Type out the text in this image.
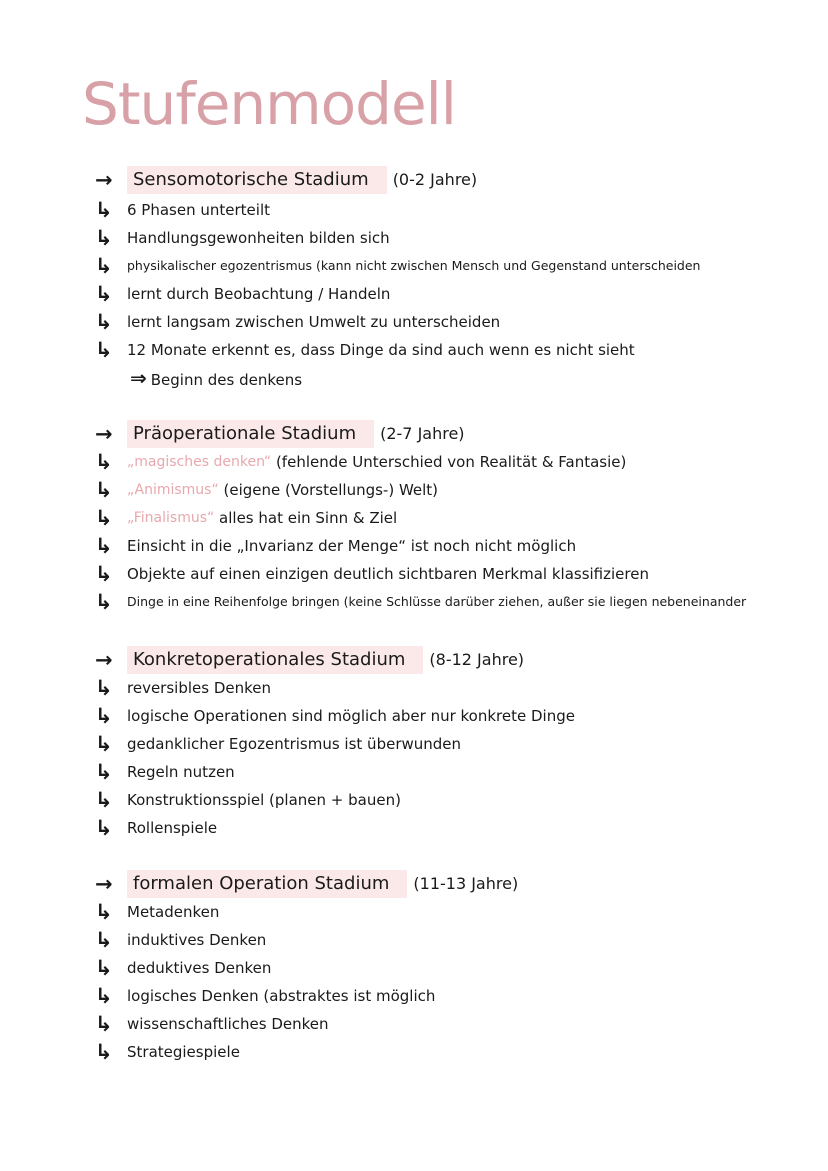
Stufenmodell
→ Sensomotorische Stadium (0-2 Jahre)
↳ 6 Phasen unterteilt
↳ Handlungsgewonheiten bilden sich
↳ physikalischer egozentrismus (kann nicht zwischen Mensch und Gegenstand unterscheiden
↳ lernt durch Beobachtung / Handeln
↳ lernt langsam zwischen Umwelt zu unterscheiden
↳ 12 Monate erkennt es, dass Dinge da sind auch wenn es nicht sieht
⇒ Beginn des denkens
→ Präoperationale Stadium (2-7 Jahre)
↳ „magisches denken“ (fehlende Unterschied von Realität & Fantasie)
↳ „Animismus“ (eigene (Vorstellungs-) Welt)
↳ „Finalismus“ alles hat ein Sinn & Ziel
↳ Einsicht in die „Invarianz der Menge“ ist noch nicht möglich
↳ Objekte auf einen einzigen deutlich sichtbaren Merkmal klassifizieren
↳ Dinge in eine Reihenfolge bringen (keine Schlüsse darüber ziehen, außer sie liegen nebeneinander
→ Konkretoperationales Stadium (8-12 Jahre)
↳ reversibles Denken
↳ logische Operationen sind möglich aber nur konkrete Dinge
↳ gedanklicher Egozentrismus ist überwunden
↳ Regeln nutzen
↳ Konstruktionsspiel (planen + bauen)
↳ Rollenspiele
→ formalen Operation Stadium (11-13 Jahre)
↳ Metadenken
↳ induktives Denken
↳ deduktives Denken
↳ logisches Denken (abstraktes ist möglich
↳ wissenschaftliches Denken
↳ Strategiespiele
